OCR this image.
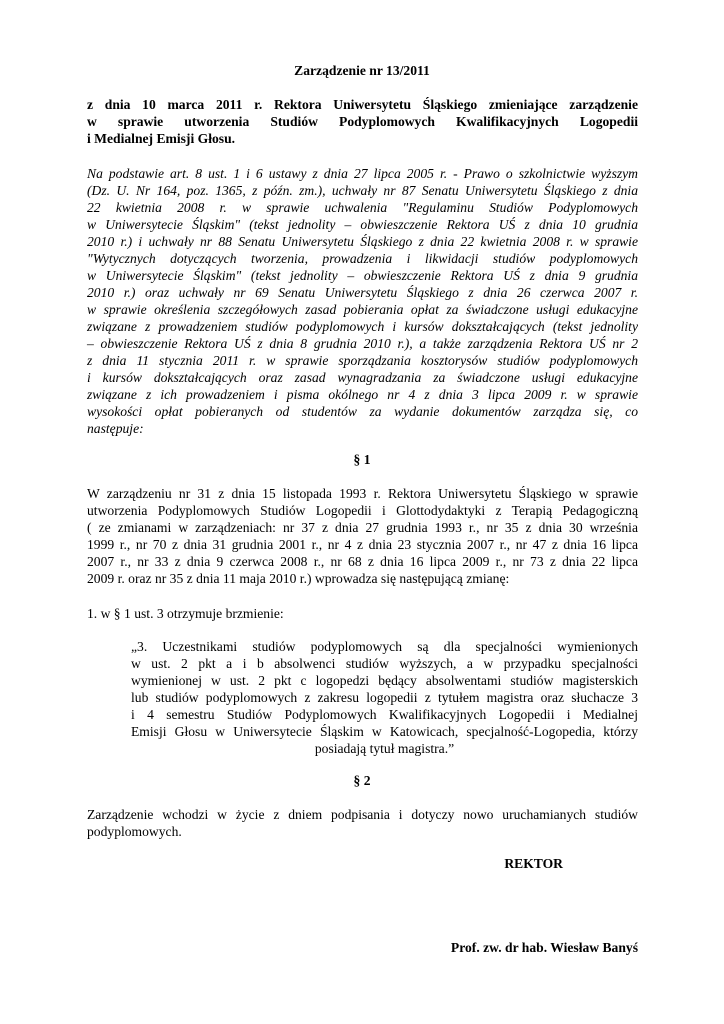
Zarządzenie nr 13/2011
z dnia 10 marca 2011 r. Rektora Uniwersytetu Śląskiego zmieniające zarządzenie
w sprawie utworzenia Studiów Podyplomowych Kwalifikacyjnych Logopedii
i Medialnej Emisji Głosu.
Na podstawie art. 8 ust. 1 i 6 ustawy z dnia 27 lipca 2005 r. - Prawo o szkolnictwie wyższym
(Dz. U. Nr 164, poz. 1365, z późn. zm.), uchwały nr 87 Senatu Uniwersytetu Śląskiego z dnia
22 kwietnia 2008 r. w sprawie uchwalenia "Regulaminu Studiów Podyplomowych
w Uniwersytecie Śląskim" (tekst jednolity – obwieszczenie Rektora UŚ z dnia 10 grudnia
2010 r.) i uchwały nr 88 Senatu Uniwersytetu Śląskiego z dnia 22 kwietnia 2008 r. w sprawie
"Wytycznych dotyczących tworzenia, prowadzenia i likwidacji studiów podyplomowych
w Uniwersytecie Śląskim" (tekst jednolity – obwieszczenie Rektora UŚ z dnia 9 grudnia
2010 r.) oraz uchwały nr 69 Senatu Uniwersytetu Śląskiego z dnia 26 czerwca 2007 r.
w sprawie określenia szczegółowych zasad pobierania opłat za świadczone usługi edukacyjne
związane z prowadzeniem studiów podyplomowych i kursów dokształcających (tekst jednolity
– obwieszczenie Rektora UŚ z dnia 8 grudnia 2010 r.), a także zarządzenia Rektora UŚ nr 2
z dnia 11 stycznia 2011 r. w sprawie sporządzania kosztorysów studiów podyplomowych
i kursów dokształcających oraz zasad wynagradzania za świadczone usługi edukacyjne
związane z ich prowadzeniem i pisma okólnego nr 4 z dnia 3 lipca 2009 r. w sprawie
wysokości opłat pobieranych od studentów za wydanie dokumentów zarządza się, co
następuje:
§ 1
W zarządzeniu nr 31 z dnia 15 listopada 1993 r. Rektora Uniwersytetu Śląskiego w sprawie
utworzenia Podyplomowych Studiów Logopedii i Glottodydaktyki z Terapią Pedagogiczną
( ze zmianami w zarządzeniach: nr 37 z dnia 27 grudnia 1993 r., nr 35 z dnia 30 września
1999 r., nr 70 z dnia 31 grudnia 2001 r., nr 4 z dnia 23 stycznia 2007 r., nr 47 z dnia 16 lipca
2007 r., nr 33 z dnia 9 czerwca 2008 r., nr 68 z dnia 16 lipca 2009 r., nr 73 z dnia 22 lipca
2009 r. oraz nr 35 z dnia 11 maja 2010 r.) wprowadza się następującą zmianę:
1. w § 1 ust. 3 otrzymuje brzmienie:
„3. Uczestnikami studiów podyplomowych są dla specjalności wymienionych
w ust. 2 pkt a i b absolwenci studiów wyższych, a w przypadku specjalności
wymienionej w ust. 2 pkt c logopedzi będący absolwentami studiów magisterskich
lub studiów podyplomowych z zakresu logopedii z tytułem magistra oraz słuchacze 3
i 4 semestru Studiów Podyplomowych Kwalifikacyjnych Logopedii i Medialnej
Emisji Głosu w Uniwersytecie Śląskim w Katowicach, specjalność-Logopedia, którzy
posiadają tytuł magistra.”
§ 2
Zarządzenie wchodzi w życie z dniem podpisania i dotyczy nowo uruchamianych studiów
podyplomowych.
REKTOR
Prof. zw. dr hab. Wiesław Banyś
